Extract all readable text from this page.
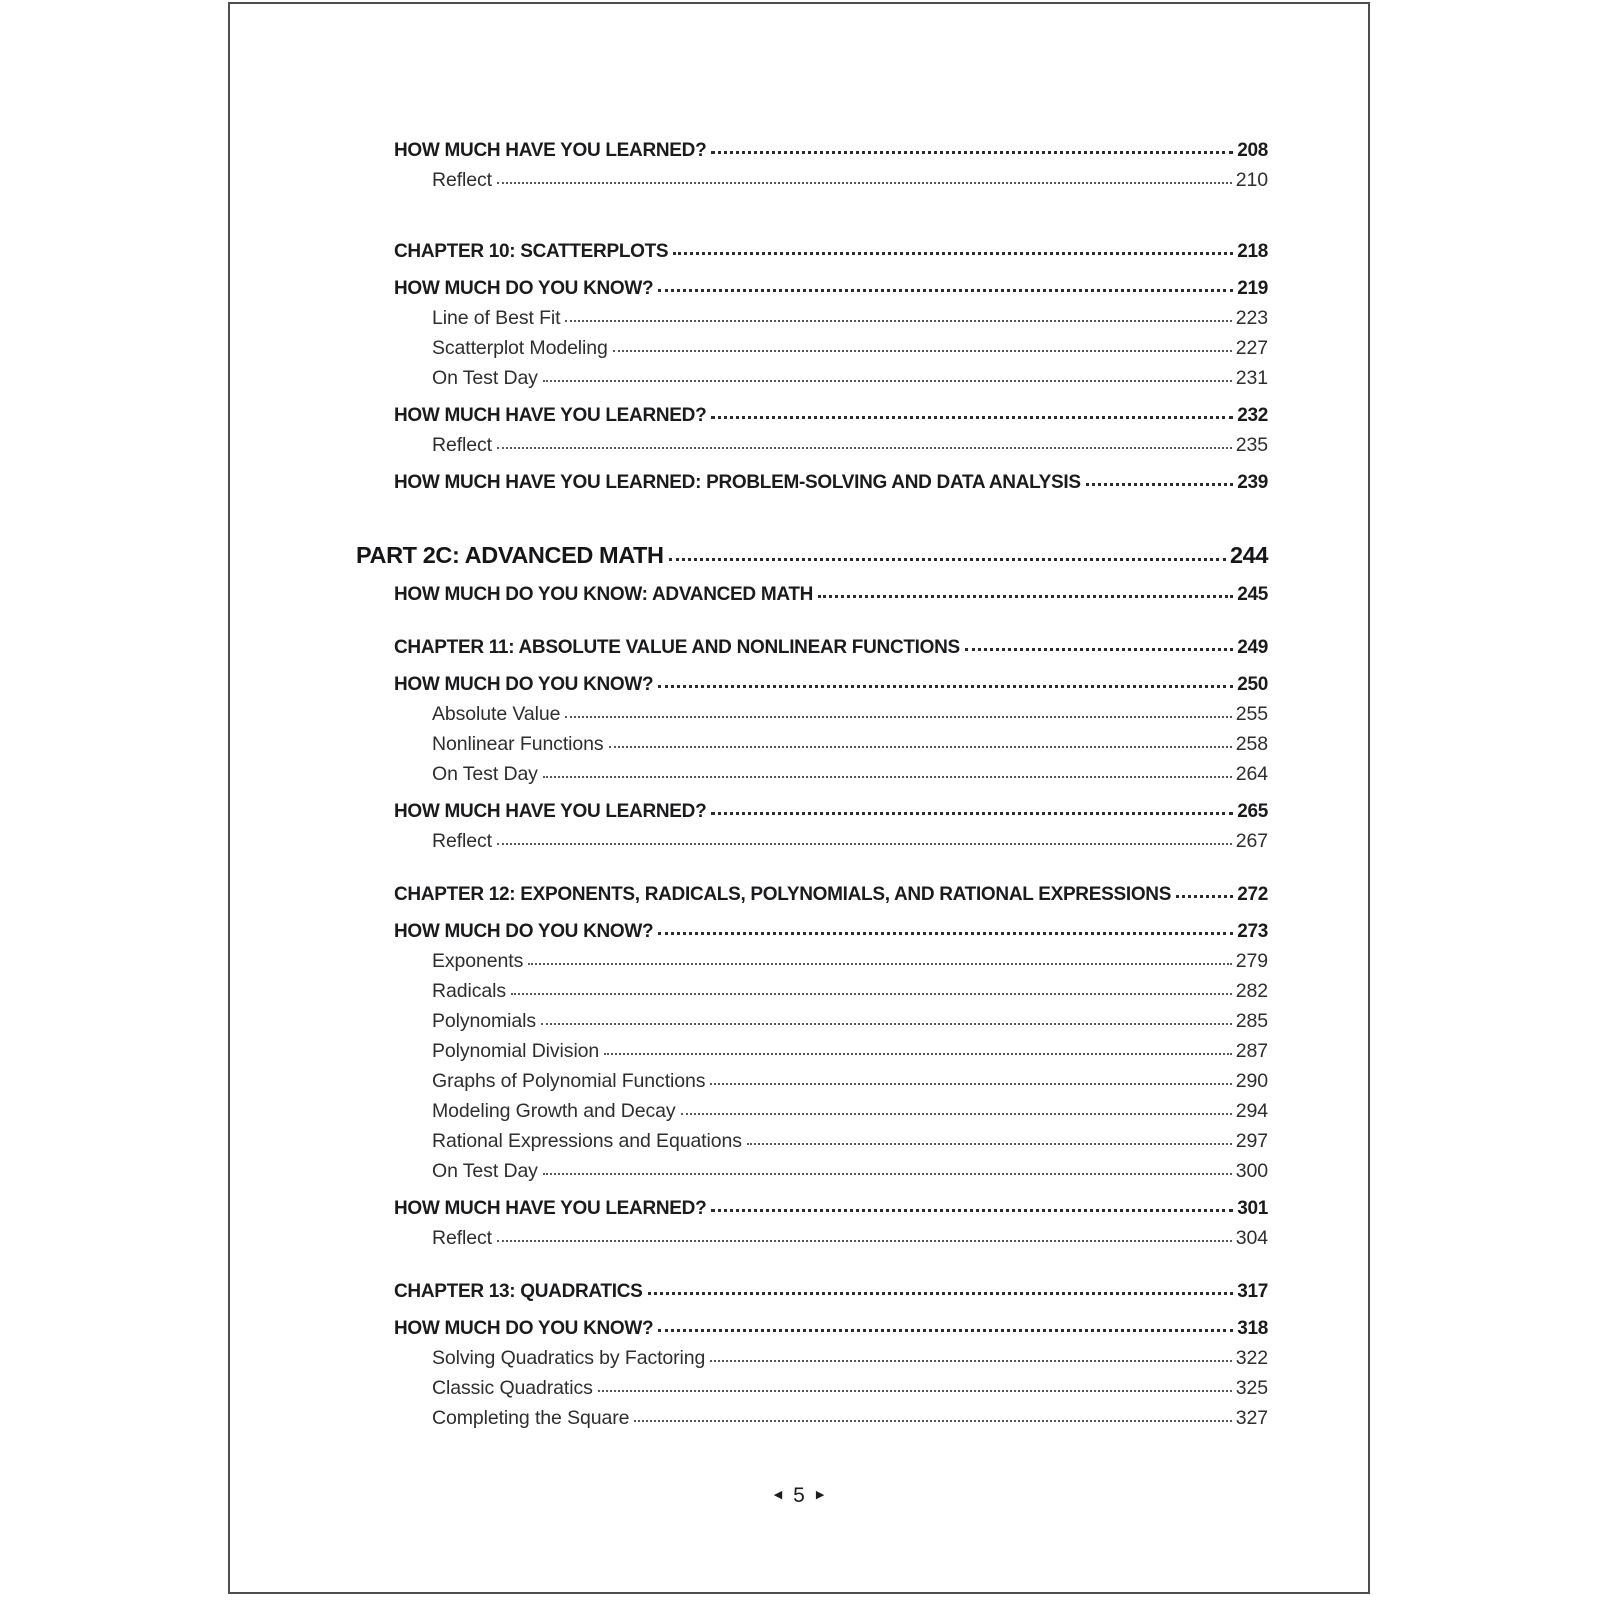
HOW MUCH HAVE YOU LEARNED?	208
Reflect	210
CHAPTER 10: SCATTERPLOTS	218
HOW MUCH DO YOU KNOW?	219
Line of Best Fit	223
Scatterplot Modeling	227
On Test Day	231
HOW MUCH HAVE YOU LEARNED?	232
Reflect	235
HOW MUCH HAVE YOU LEARNED: PROBLEM-SOLVING AND DATA ANALYSIS	239
PART 2C: ADVANCED MATH	244
HOW MUCH DO YOU KNOW: ADVANCED MATH	245
CHAPTER 11: ABSOLUTE VALUE AND NONLINEAR FUNCTIONS	249
HOW MUCH DO YOU KNOW?	250
Absolute Value	255
Nonlinear Functions	258
On Test Day	264
HOW MUCH HAVE YOU LEARNED?	265
Reflect	267
CHAPTER 12: EXPONENTS, RADICALS, POLYNOMIALS, AND RATIONAL EXPRESSIONS	272
HOW MUCH DO YOU KNOW?	273
Exponents	279
Radicals	282
Polynomials	285
Polynomial Division	287
Graphs of Polynomial Functions	290
Modeling Growth and Decay	294
Rational Expressions and Equations	297
On Test Day	300
HOW MUCH HAVE YOU LEARNED?	301
Reflect	304
CHAPTER 13: QUADRATICS	317
HOW MUCH DO YOU KNOW?	318
Solving Quadratics by Factoring	322
Classic Quadratics	325
Completing the Square	327
◀ 5 ▶
